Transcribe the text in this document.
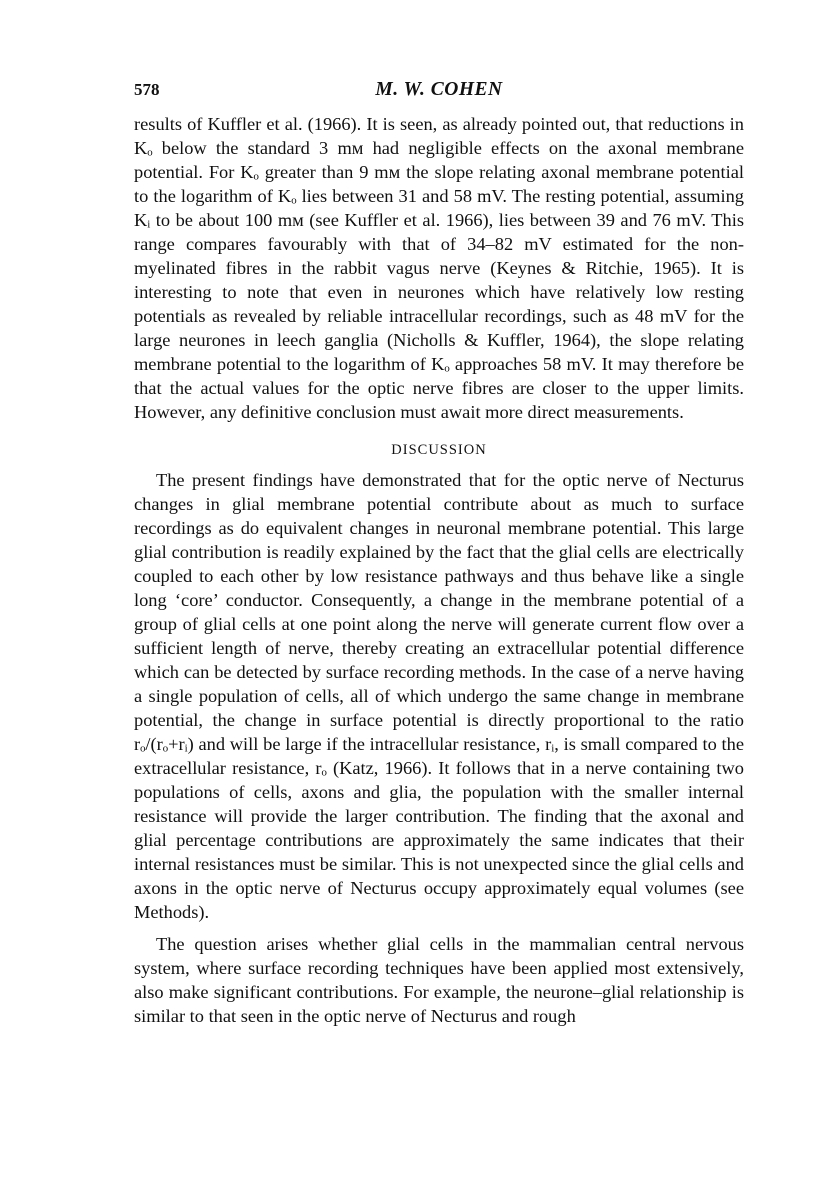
578	M. W. COHEN

results of Kuffler et al. (1966). It is seen, as already pointed out, that reductions in Kₒ below the standard 3 mᴍ had negligible effects on the axonal membrane potential. For Kₒ greater than 9 mᴍ the slope relating axonal membrane potential to the logarithm of Kₒ lies between 31 and 58 mV. The resting potential, assuming Kᵢ to be about 100 mᴍ (see Kuffler et al. 1966), lies between 39 and 76 mV. This range compares favourably with that of 34–82 mV estimated for the non-myelinated fibres in the rabbit vagus nerve (Keynes & Ritchie, 1965). It is interesting to note that even in neurones which have relatively low resting potentials as revealed by reliable intracellular recordings, such as 48 mV for the large neurones in leech ganglia (Nicholls & Kuffler, 1964), the slope relating membrane potential to the logarithm of Kₒ approaches 58 mV. It may therefore be that the actual values for the optic nerve fibres are closer to the upper limits. However, any definitive conclusion must await more direct measurements.

DISCUSSION

The present findings have demonstrated that for the optic nerve of Necturus changes in glial membrane potential contribute about as much to surface recordings as do equivalent changes in neuronal membrane potential. This large glial contribution is readily explained by the fact that the glial cells are electrically coupled to each other by low resistance pathways and thus behave like a single long ‘core’ conductor. Consequently, a change in the membrane potential of a group of glial cells at one point along the nerve will generate current flow over a sufficient length of nerve, thereby creating an extracellular potential difference which can be detected by surface recording methods. In the case of a nerve having a single population of cells, all of which undergo the same change in membrane potential, the change in surface potential is directly proportional to the ratio rₒ/(rₒ+rᵢ) and will be large if the intracellular resistance, rᵢ, is small compared to the extracellular resistance, rₒ (Katz, 1966). It follows that in a nerve containing two populations of cells, axons and glia, the population with the smaller internal resistance will provide the larger contribution. The finding that the axonal and glial percentage contributions are approximately the same indicates that their internal resistances must be similar. This is not unexpected since the glial cells and axons in the optic nerve of Necturus occupy approximately equal volumes (see Methods).

The question arises whether glial cells in the mammalian central nervous system, where surface recording techniques have been applied most extensively, also make significant contributions. For example, the neurone–glial relationship is similar to that seen in the optic nerve of Necturus and rough
